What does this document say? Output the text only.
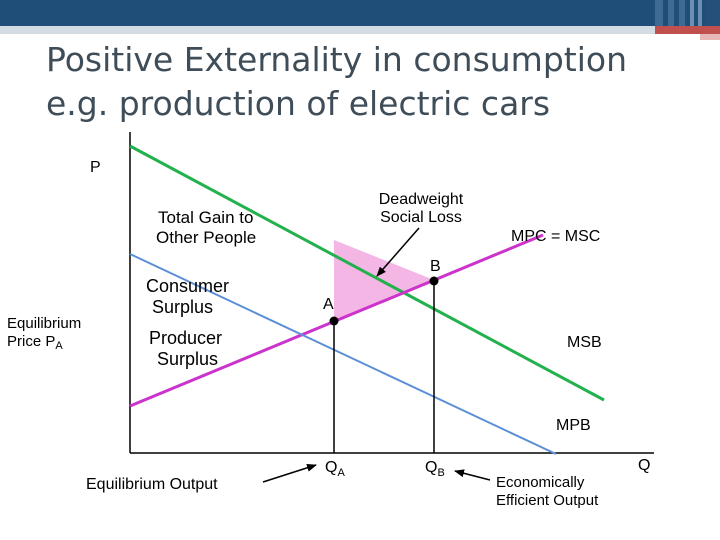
Positive Externality in consumption
e.g. production of electric cars
P
Q
Total Gain to
Other People
Deadweight
Social Loss
MPC = MSC
B
Consumer
Surplus	A
Equilibrium
Price $P_A$	Producer
Surplus
MSB
MPB
Equilibrium Output
$Q_A$	$Q_B$
Economically
Efficient Output
